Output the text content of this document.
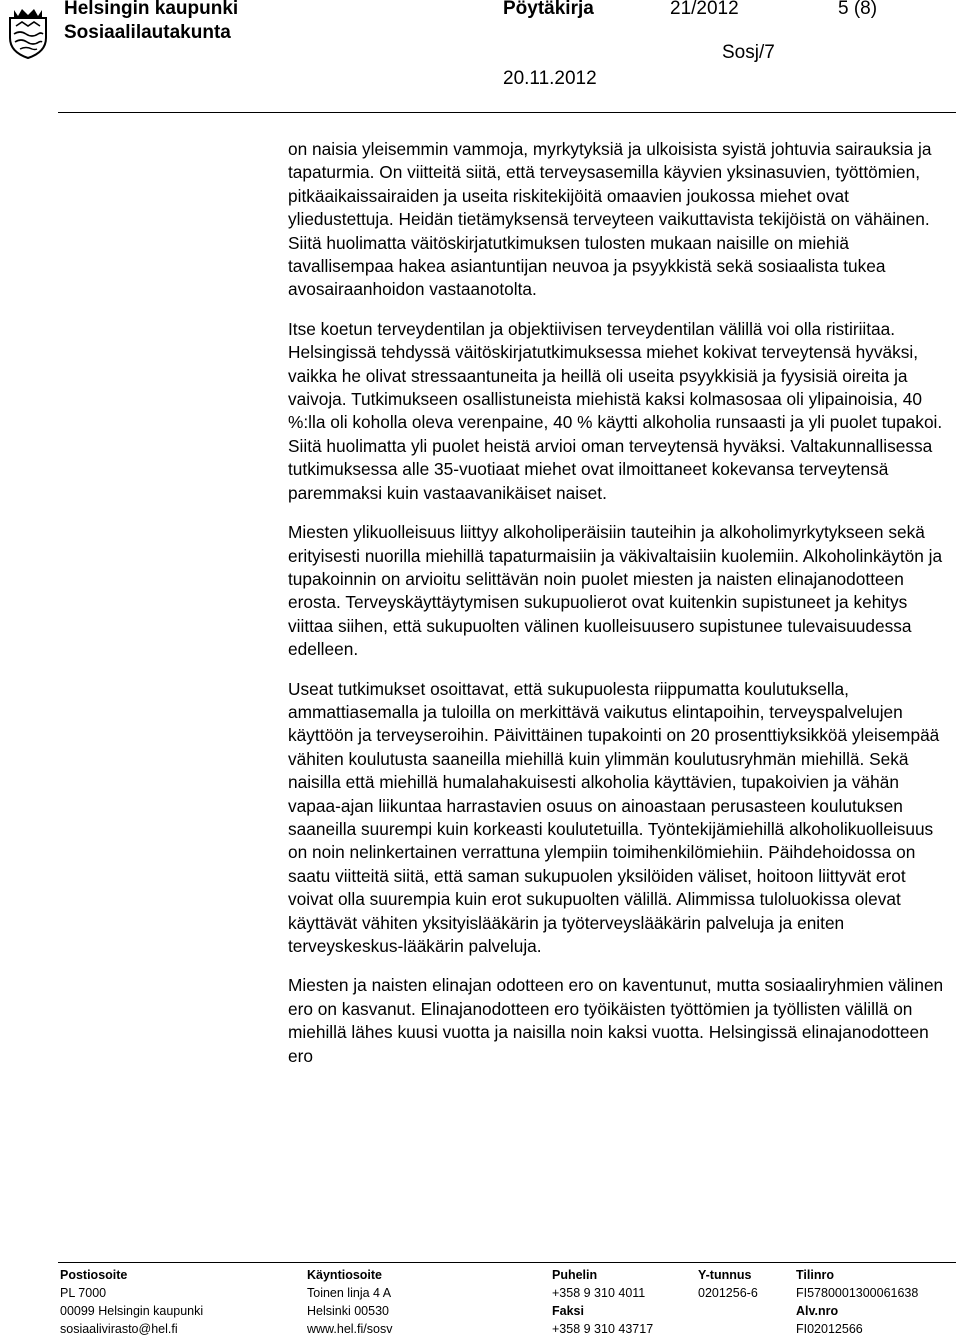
Helsingin kaupunki
Sosiaalilautakunta
Pöytäkirja	21/2012	5 (8)
Sosj/7
20.11.2012

on naisia yleisemmin vammoja, myrkytyksiä ja ulkoisista syistä johtuvia sairauksia ja tapaturmia. On viitteitä siitä, että terveysasemilla käyvien yksinasuvien, työttömien, pitkäaikaissairaiden ja useita riskitekijöitä omaavien joukossa miehet ovat yliedustettuja. Heidän tietämyksensä terveyteen vaikuttavista tekijöistä on vähäinen. Siitä huolimatta väitöskirjatutkimuksen tulosten mukaan naisille on miehiä tavallisempaa hakea asiantuntijan neuvoa ja psyykkistä sekä sosiaalista tukea avosairaanhoidon vastaanotolta.

Itse koetun terveydentilan ja objektiivisen terveydentilan välillä voi olla ristiriitaa. Helsingissä tehdyssä väitöskirjatutkimuksessa miehet kokivat terveytensä hyväksi, vaikka he olivat stressaantuneita ja heillä oli useita psyykkisiä ja fyysisiä oireita ja vaivoja. Tutkimukseen osallistuneista miehistä kaksi kolmasosaa oli ylipainoisia, 40 %:lla oli koholla oleva verenpaine, 40 % käytti alkoholia runsaasti ja yli puolet tupakoi. Siitä huolimatta yli puolet heistä arvioi oman terveytensä hyväksi. Valtakunnallisessa tutkimuksessa alle 35-vuotiaat miehet ovat ilmoittaneet kokevansa terveytensä paremmaksi kuin vastaavanikäiset naiset.

Miesten ylikuolleisuus liittyy alkoholiperäisiin tauteihin ja alkoholimyrkytykseen sekä erityisesti nuorilla miehillä tapaturmaisiin ja väkivaltaisiin kuolemiin. Alkoholinkäytön ja tupakoinnin on arvioitu selittävän noin puolet miesten ja naisten elinajanodotteen erosta. Terveyskäyttäytymisen sukupuolierot ovat kuitenkin supistuneet ja kehitys viittaa siihen, että sukupuolten välinen kuolleisuusero supistunee tulevaisuudessa edelleen.

Useat tutkimukset osoittavat, että sukupuolesta riippumatta koulutuksella, ammattiasemalla ja tuloilla on merkittävä vaikutus elintapoihin, terveyspalvelujen käyttöön ja terveyseroihin. Päivittäinen tupakointi on 20 prosenttiyksikköä yleisempää vähiten koulutusta saaneilla miehillä kuin ylimmän koulutusryhmän miehillä. Sekä naisilla että miehillä humalahakuisesti alkoholia käyttävien, tupakoivien ja vähän vapaa-ajan liikuntaa harrastavien osuus on ainoastaan perusasteen koulutuksen saaneilla suurempi kuin korkeasti koulutetuilla. Työntekijämiehillä alkoholikuolleisuus on noin nelinkertainen verrattuna ylempiin toimihenkilömiehiin. Päihdehoidossa on saatu viitteitä siitä, että saman sukupuolen yksilöiden väliset, hoitoon liittyvät erot voivat olla suurempia kuin erot sukupuolten välillä. Alimmissa tuloluokissa olevat käyttävät vähiten yksityislääkärin ja työterveyslääkärin palveluja ja eniten terveyskeskus-lääkärin palveluja.

Miesten ja naisten elinajan odotteen ero on kaventunut, mutta sosiaaliryhmien välinen ero on kasvanut. Elinajanodotteen ero työikäisten työttömien ja työllisten välillä on miehillä lähes kuusi vuotta ja naisilla noin kaksi vuotta. Helsingissä elinajanodotteen ero

Postiosoite
PL 7000
00099 Helsingin kaupunki
sosiaalivirasto@hel.fi
Käyntiosoite
Toinen linja 4 A
Helsinki 00530
www.hel.fi/sosv
Puhelin
+358 9 310 4011
Faksi
+358 9 310 43717
Y-tunnus
0201256-6
Tilinro
FI5780001300061638
Alv.nro
FI02012566
